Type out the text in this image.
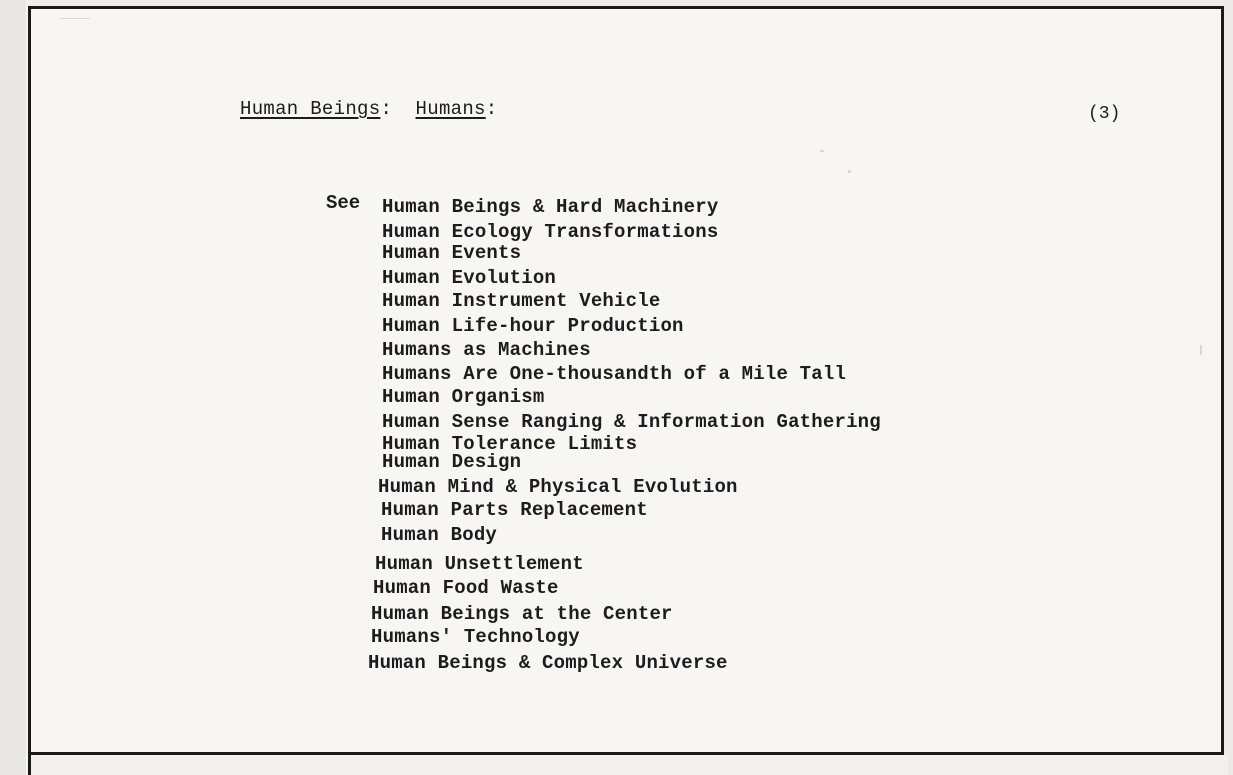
Human Beings: Humans:	(3)
See Human Beings & Hard Machinery
Human Ecology Transformations
Human Events
Human Evolution
Human Instrument Vehicle
Human Life-hour Production
Humans as Machines
Humans Are One-thousandth of a Mile Tall
Human Organism
Human Sense Ranging & Information Gathering
Human Tolerance Limits
Human Design
Human Mind & Physical Evolution
Human Parts Replacement
Human Body
Human Unsettlement
Human Food Waste
Human Beings at the Center
Humans' Technology
Human Beings & Complex Universe
